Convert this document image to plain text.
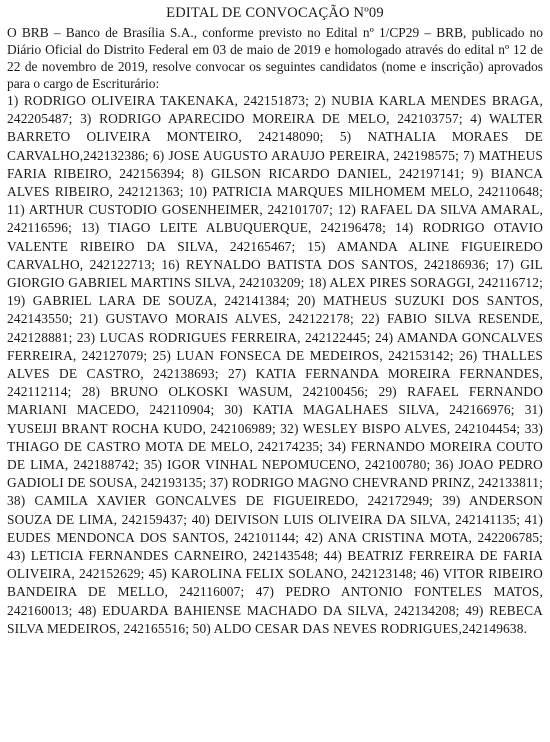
EDITAL DE CONVOCAÇÃO Nº09

O BRB – Banco de Brasília S.A., conforme previsto no Edital nº 1/CP29 – BRB, publicado no Diário Oficial do Distrito Federal em 03 de maio de 2019 e homologado através do edital nº 12 de 22 de novembro de 2019, resolve convocar os seguintes candidatos (nome e inscrição) aprovados para o cargo de Escriturário:

1) RODRIGO OLIVEIRA TAKENAKA, 242151873; 2) NUBIA KARLA MENDES BRAGA, 242205487; 3) RODRIGO APARECIDO MOREIRA DE MELO, 242103757; 4) WALTER BARRETO OLIVEIRA MONTEIRO, 242148090; 5) NATHALIA MORAES DE CARVALHO,242132386; 6) JOSE AUGUSTO ARAUJO PEREIRA, 242198575; 7) MATHEUS FARIA RIBEIRO, 242156394; 8) GILSON RICARDO DANIEL, 242197141; 9) BIANCA ALVES RIBEIRO, 242121363; 10) PATRICIA MARQUES MILHOMEM MELO, 242110648; 11) ARTHUR CUSTODIO GOSENHEIMER, 242101707; 12) RAFAEL DA SILVA AMARAL, 242116596; 13) TIAGO LEITE ALBUQUERQUE, 242196478; 14) RODRIGO OTAVIO VALENTE RIBEIRO DA SILVA, 242165467; 15) AMANDA ALINE FIGUEIREDO CARVALHO, 242122713; 16) REYNALDO BATISTA DOS SANTOS, 242186936; 17) GIL GIORGIO GABRIEL MARTINS SILVA, 242103209; 18) ALEX PIRES SORAGGI, 242116712; 19) GABRIEL LARA DE SOUZA, 242141384; 20) MATHEUS SUZUKI DOS SANTOS, 242143550; 21) GUSTAVO MORAIS ALVES, 242122178; 22) FABIO SILVA RESENDE, 242128881; 23) LUCAS RODRIGUES FERREIRA, 242122445; 24) AMANDA GONCALVES FERREIRA, 242127079; 25) LUAN FONSECA DE MEDEIROS, 242153142; 26) THALLES ALVES DE CASTRO, 242138693; 27) KATIA FERNANDA MOREIRA FERNANDES, 242112114; 28) BRUNO OLKOSKI WASUM, 242100456; 29) RAFAEL FERNANDO MARIANI MACEDO, 242110904; 30) KATIA MAGALHAES SILVA, 242166976; 31) YUSEIJI BRANT ROCHA KUDO, 242106989; 32) WESLEY BISPO ALVES, 242104454; 33) THIAGO DE CASTRO MOTA DE MELO, 242174235; 34) FERNANDO MOREIRA COUTO DE LIMA, 242188742; 35) IGOR VINHAL NEPOMUCENO, 242100780; 36) JOAO PEDRO GADIOLI DE SOUSA, 242193135; 37) RODRIGO MAGNO CHEVRAND PRINZ, 242133811; 38) CAMILA XAVIER GONCALVES DE FIGUEIREDO, 242172949; 39) ANDERSON SOUZA DE LIMA, 242159437; 40) DEIVISON LUIS OLIVEIRA DA SILVA, 242141135; 41) EUDES MENDONCA DOS SANTOS, 242101144; 42) ANA CRISTINA MOTA, 242206785; 43) LETICIA FERNANDES CARNEIRO, 242143548; 44) BEATRIZ FERREIRA DE FARIA OLIVEIRA, 242152629; 45) KAROLINA FELIX SOLANO, 242123148; 46) VITOR RIBEIRO BANDEIRA DE MELLO, 242116007; 47) PEDRO ANTONIO FONTELES MATOS, 242160013; 48) EDUARDA BAHIENSE MACHADO DA SILVA, 242134208; 49) REBECA SILVA MEDEIROS, 242165516; 50) ALDO CESAR DAS NEVES RODRIGUES,242149638.
